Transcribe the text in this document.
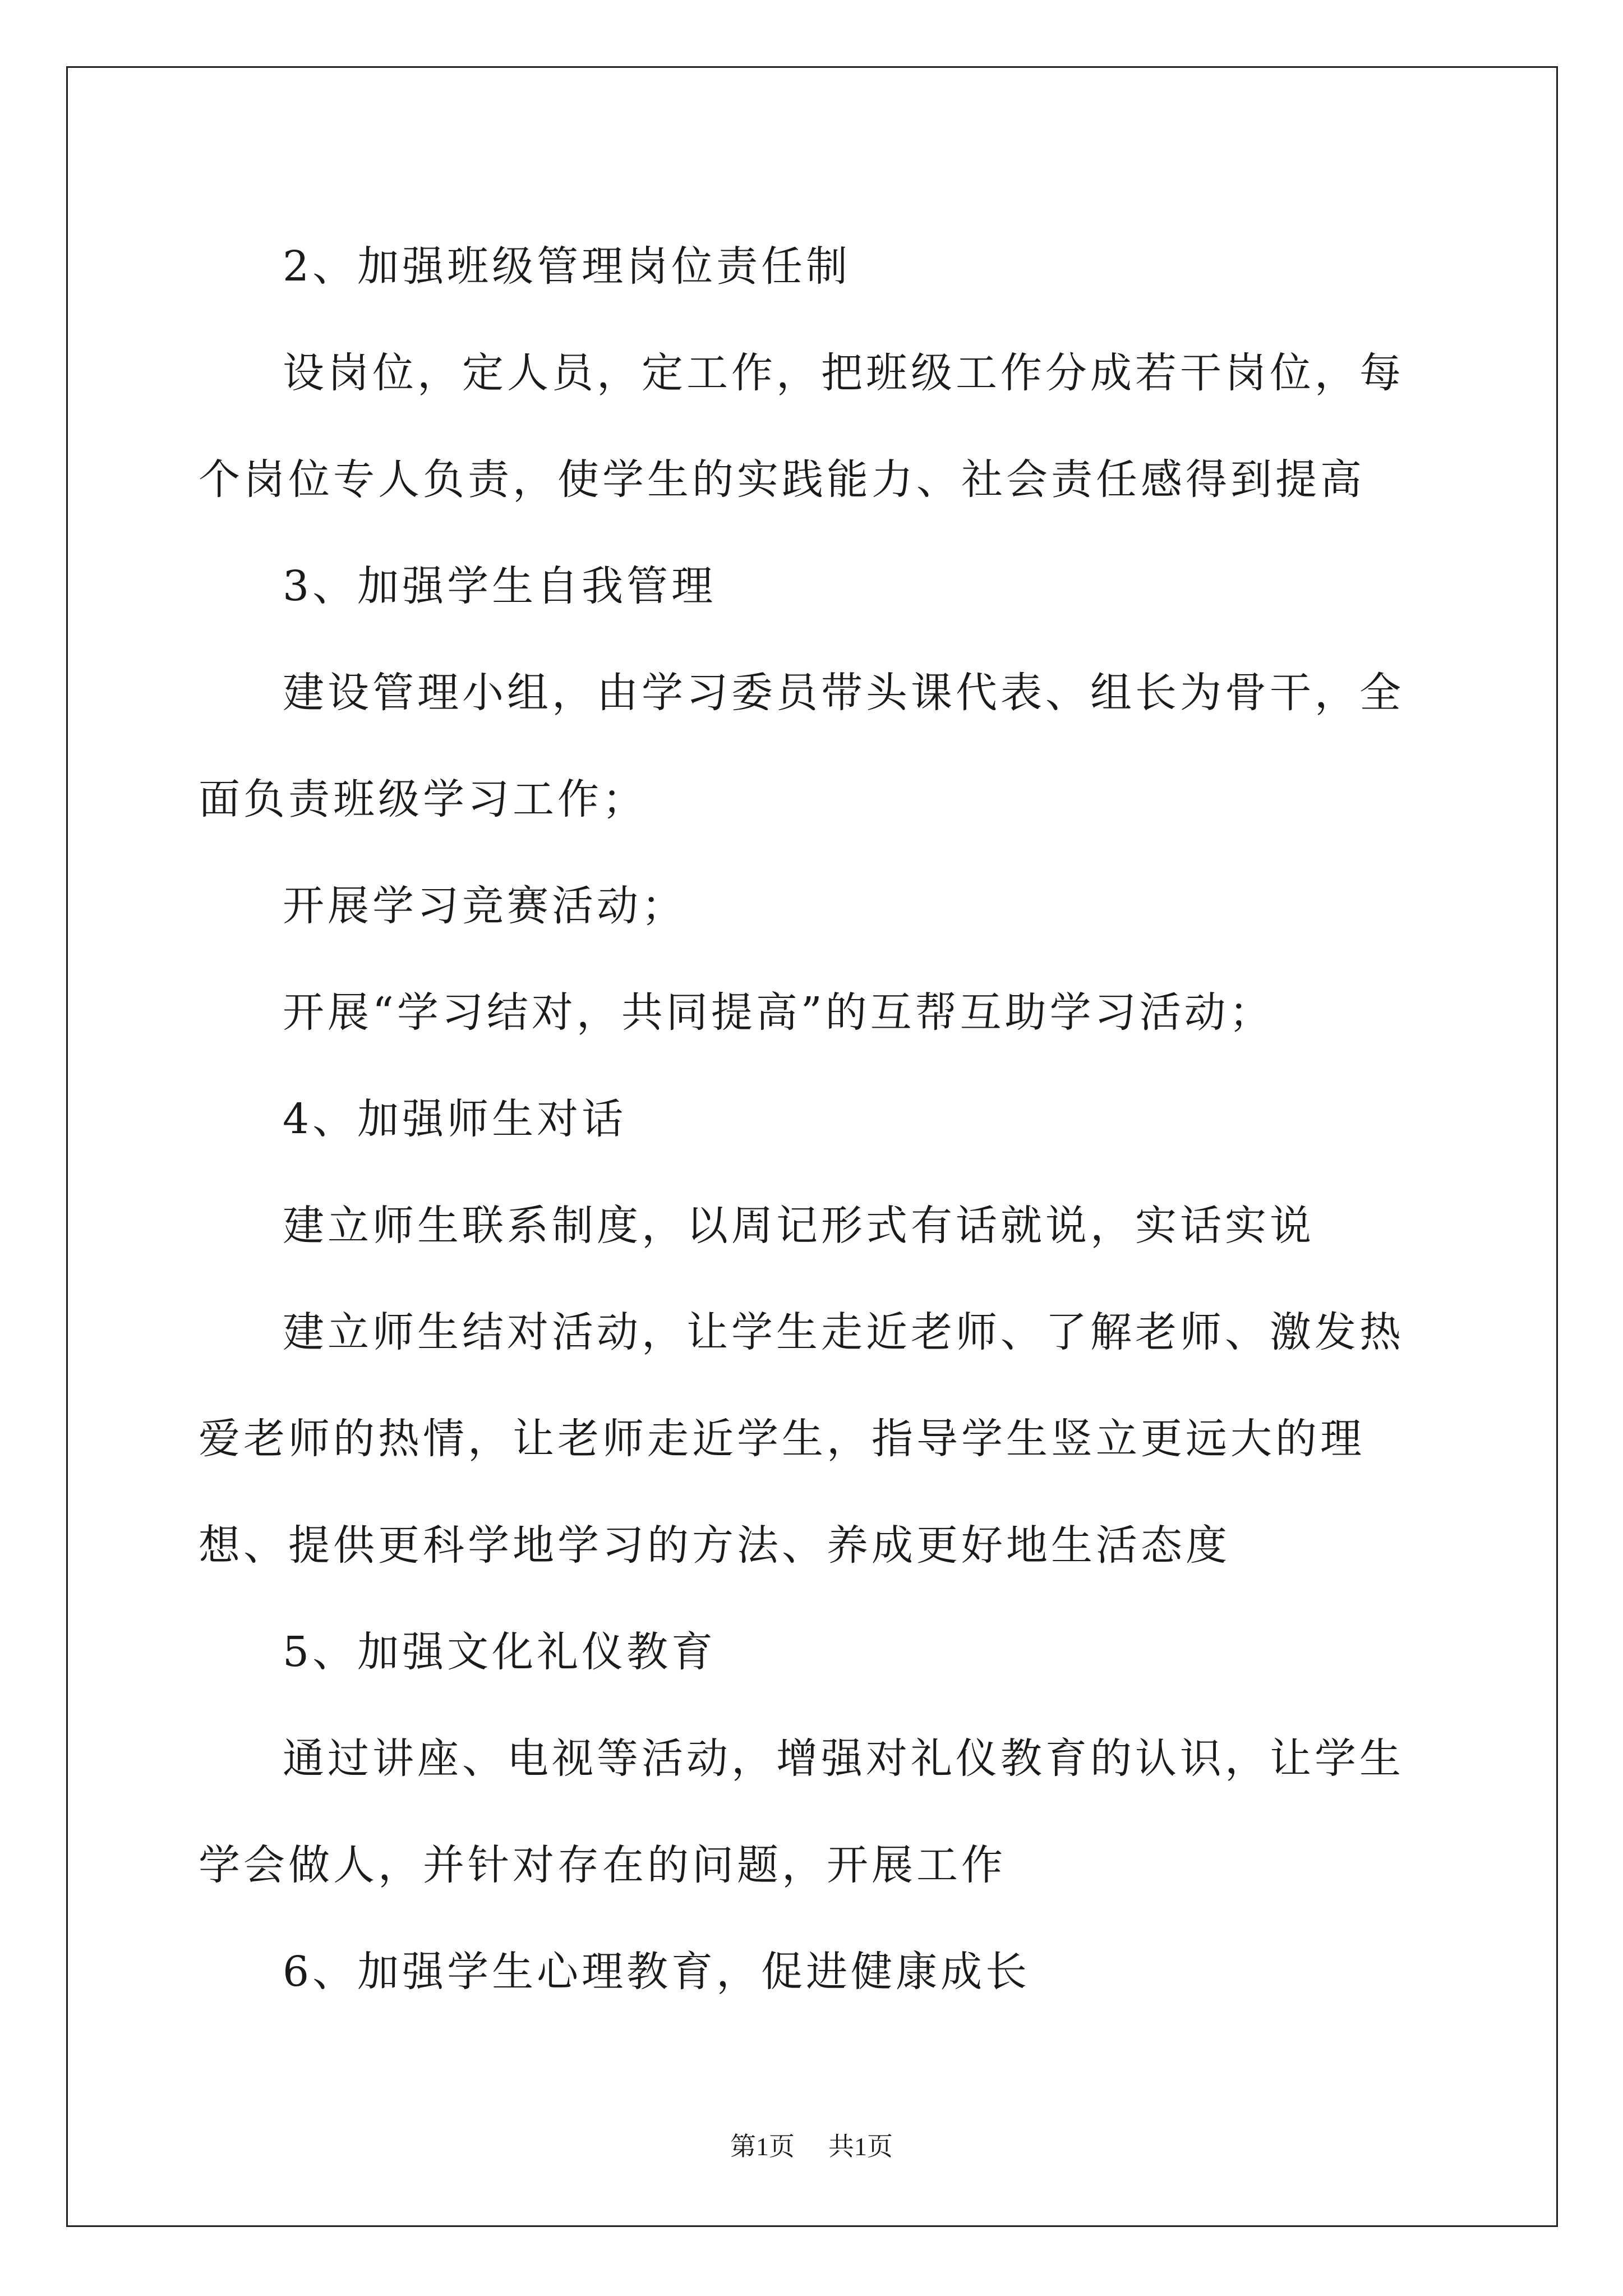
2、加强班级管理岗位责任制

设岗位，定人员，定工作，把班级工作分成若干岗位，每个岗位专人负责，使学生的实践能力、社会责任感得到提高

3、加强学生自我管理

建设管理小组，由学习委员带头课代表、组长为骨干，全面负责班级学习工作；

开展学习竞赛活动；

开展“学习结对，共同提高”的互帮互助学习活动；

4、加强师生对话

建立师生联系制度，以周记形式有话就说，实话实说

建立师生结对活动，让学生走近老师、了解老师、激发热爱老师的热情，让老师走近学生，指导学生竖立更远大的理想、提供更科学地学习的方法、养成更好地生活态度

5、加强文化礼仪教育

通过讲座、电视等活动，增强对礼仪教育的认识，让学生学会做人，并针对存在的问题，开展工作

6、加强学生心理教育，促进健康成长

第1页 共1页
